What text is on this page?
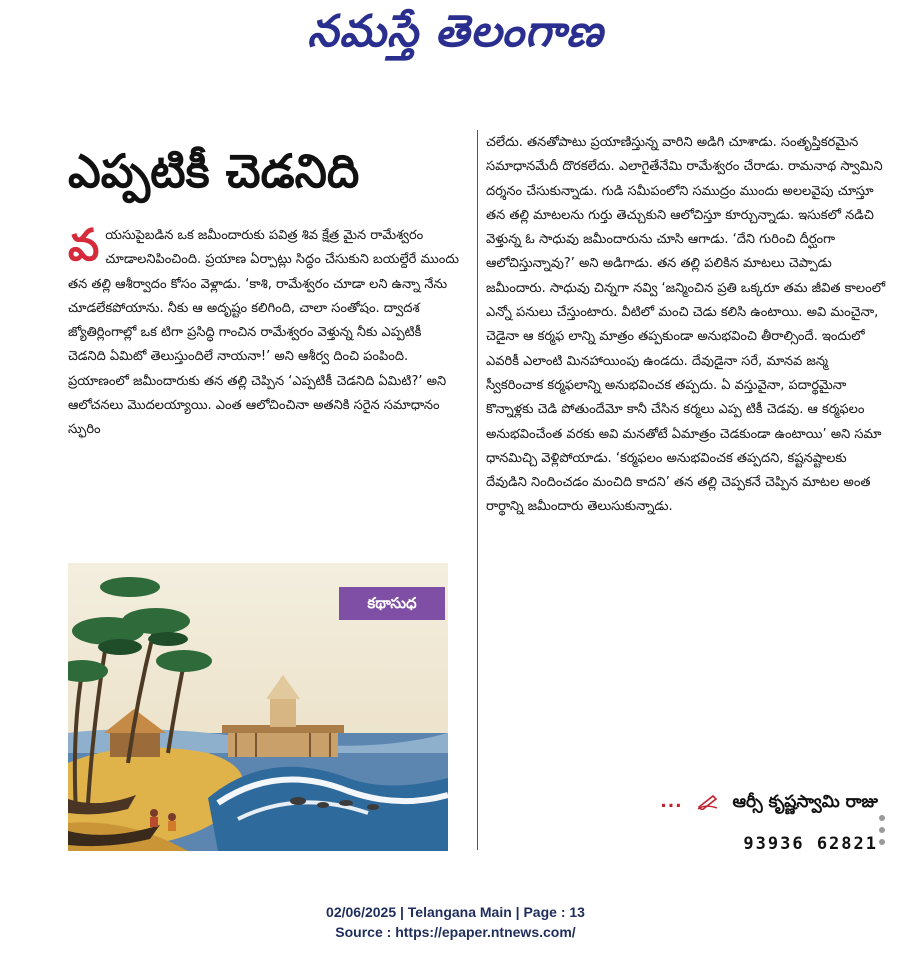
నమస్తే తెలంగాణ
ఎప్పటికీ చెడనిది

వయసుపైబడిన ఒక జమీందారుకు పవిత్ర శివ క్షేత్ర మైన రామేశ్వరం చూడాలనిపించింది. ప్రయాణ ఏర్పాట్లు సిద్ధం చేసుకుని బయల్దేరే ముందు తన తల్లి ఆశీర్వాదం కోసం వెళ్లాడు. ‘కాశి, రామేశ్వరం చూడా లని ఉన్నా నేను చూడలేకపోయాను. నీకు ఆ అదృష్టం కలిగింది, చాలా సంతోషం. ద్వాదశ జ్యోతిర్లింగాల్లో ఒక టిగా ప్రసిద్ధి గాంచిన రామేశ్వరం వెళ్తున్న నీకు ఎప్పటికీ చెడనిది ఏమిటో తెలుస్తుందిలే నాయనా!’ అని ఆశీర్వ దించి పంపింది.

ప్రయాణంలో జమీందారుకు తన తల్లి చెప్పిన ‘ఎప్పటికీ చెడనిది ఏమిటి?’ అని ఆలోచనలు మొదలయ్యాయి. ఎంత ఆలోచించినా అతనికి సరైన సమాధానం స్ఫురిం

కథాసుధ

చలేదు. తనతోపాటు ప్రయాణిస్తున్న వారిని అడిగి చూశాడు. సంతృప్తికరమైన సమాధానమేదీ దొరకలేదు. ఎలాగైతేనేమి రామేశ్వరం చేరాడు. రామనాథ స్వామిని దర్శనం చేసుకున్నాడు. గుడి సమీపంలోని సముద్రం ముందు అలలవైపు చూస్తూ తన తల్లి మాటలను గుర్తు తెచ్చుకుని ఆలోచిస్తూ కూర్చున్నాడు. ఇసుకలో నడిచి వెళ్తున్న ఓ సాధువు జమీందారును చూసి ఆగాడు. ‘దేని గురించి దీర్ఘంగా ఆలోచిస్తున్నావు?’ అని అడిగాడు. తన తల్లి పలికిన మాటలు చెప్పాడు జమీందారు. సాధువు చిన్నగా నవ్వి ‘జన్మించిన ప్రతి ఒక్కరూ తమ జీవిత కాలంలో ఎన్నో పనులు చేస్తుంటారు. వీటిలో మంచి చెడు కలిసి ఉంటాయి. అవి మంచైనా, చెడైనా ఆ కర్మఫ లాన్ని మాత్రం తప్పకుండా అనుభవించి తీరాల్సిందే. ఇందులో ఎవరికీ ఎలాంటి మినహాయింపు ఉండదు. దేవుడైనా సరే, మానవ జన్మ స్వీకరించాక కర్మఫలాన్ని అనుభవించక తప్పదు. ఏ వస్తువైనా, పదార్థమైనా కొన్నాళ్లకు చెడి పోతుందేమో కానీ చేసిన కర్మలు ఎప్ప టికీ చెడవు. ఆ కర్మఫలం అనుభవించేంత వరకు అవి మనతోటే ఏమాత్రం చెడకుండా ఉంటాయి’ అని సమా ధానమిచ్చి వెళ్లిపోయాడు. ‘కర్మఫలం అనుభవించక తప్పదని, కష్టనష్టాలకు దేవుడిని నిందించడం మంచిది కాదని’ తన తల్లి చెప్పకనే చెప్పిన మాటల అంత రార్థాన్ని జమీందారు తెలుసుకున్నాడు.

...	ఆర్సీ కృష్ణస్వామి రాజు
93936 62821
02/06/2025 | Telangana Main | Page : 13
Source : https://epaper.ntnews.com/
